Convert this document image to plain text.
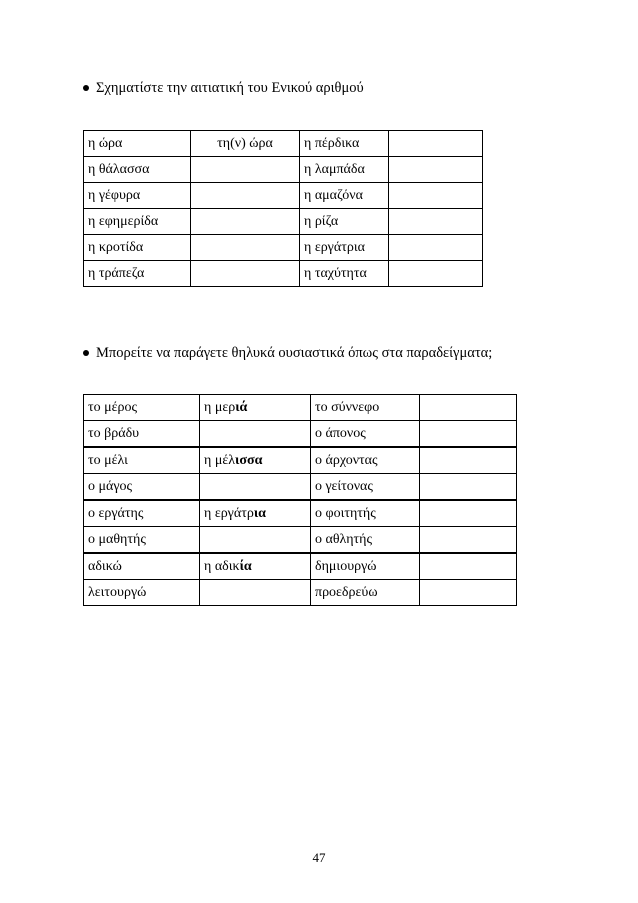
Σχηματίστε την αιτιατική του Ενικού αριθμού
η ώρα	τη(ν) ώρα	η πέρδικα	
η θάλασσα		η λαμπάδα	
η γέφυρα		η αμαζόνα	
η εφημερίδα		η ρίζα	
η κροτίδα		η εργάτρια	
η τράπεζα		η ταχύτητα	
Μπορείτε να παράγετε θηλυκά ουσιαστικά όπως στα παραδείγματα;
το μέρος	η μεριά	το σύννεφο	
το βράδυ		ο άπονος	
το μέλι	η μέλισσα	ο άρχοντας	
ο μάγος		ο γείτονας	
ο εργάτης	η εργάτρια	ο φοιτητής	
ο μαθητής		ο αθλητής	
αδικώ	η αδικία	δημιουργώ	
λειτουργώ		προεδρεύω	
47
